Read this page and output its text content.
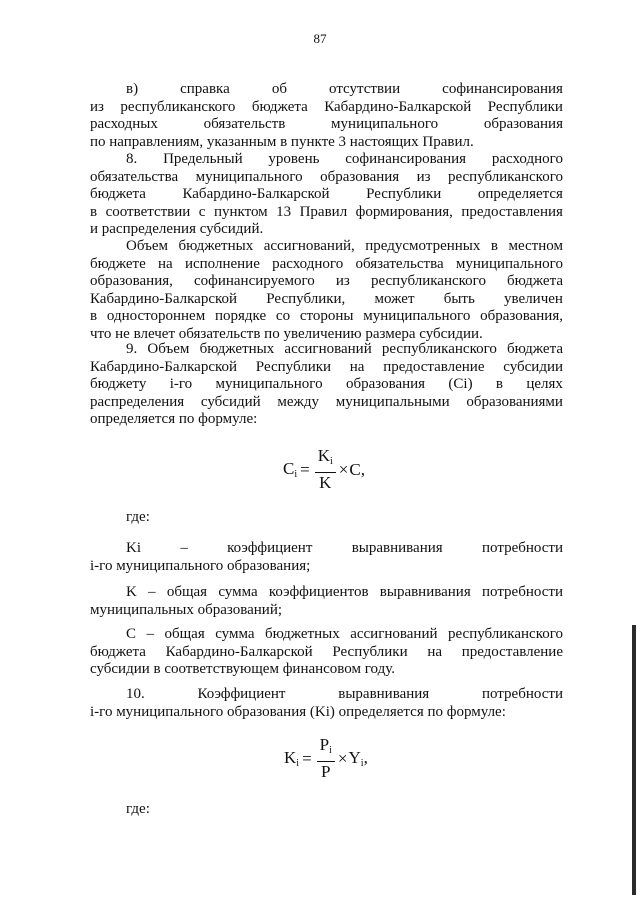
87
в)	справка	об	отсутствии	софинансирования
из республиканского бюджета Кабардино-Балкарской Республики
расходных	обязательств	муниципального	образования
по направлениям, указанным в пункте 3 настоящих Правил.
8. Предельный уровень софинансирования расходного
обязательства муниципального образования из республиканского
бюджета Кабардино-Балкарской Республики определяется
в соответствии с пунктом 13 Правил формирования, предоставления
и распределения субсидий.
Объем бюджетных ассигнований, предусмотренных в местном
бюджете на исполнение расходного обязательства муниципального
образования, софинансируемого из республиканского бюджета
Кабардино-Балкарской Республики, может быть увеличен
в одностороннем порядке со стороны муниципального образования,
что не влечет обязательств по увеличению размера субсидии.
9. Объем бюджетных ассигнований республиканского бюджета
Кабардино-Балкарской Республики на предоставление субсидии
бюджету i-го муниципального образования (Ci) в целях
распределения субсидий между муниципальными образованиями
определяется по формуле:
$C_i = \frac{K_i}{K} \times C$,
где:
Ki	–	коэффициент	выравнивания	потребности
i-го муниципального образования;
K – общая сумма коэффициентов выравнивания потребности
муниципальных образований;
C – общая сумма бюджетных ассигнований республиканского
бюджета Кабардино-Балкарской Республики на предоставление
субсидии в соответствующем финансовом году.
10.	Коэффициент	выравнивания	потребности
i-го муниципального образования (Ki) определяется по формуле:
$K_i = \frac{P_i}{P} \times Y_i$,
где:
